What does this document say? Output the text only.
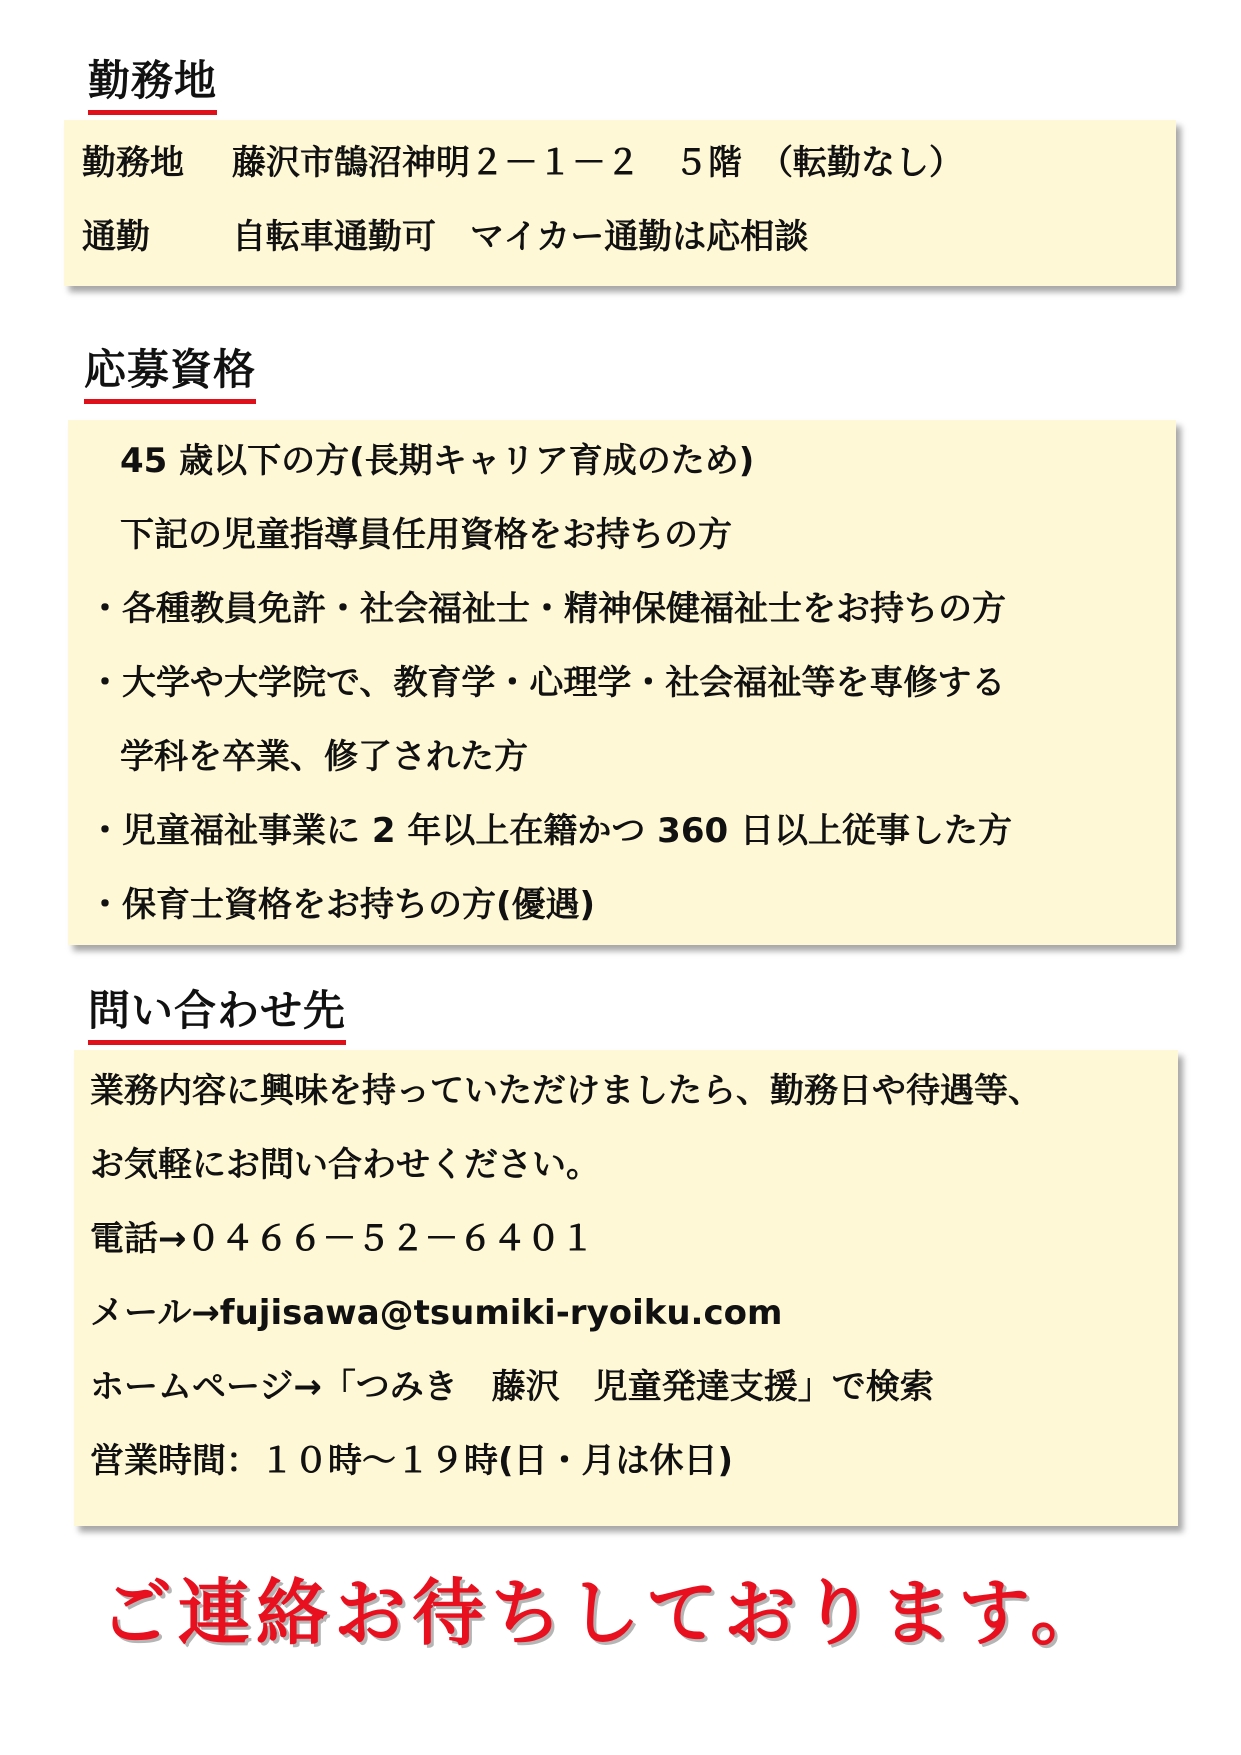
勤務地
勤務地 藤沢市鵠沼神明２－１－２　５階　（転勤なし）
通勤 自転車通勤可　マイカー通勤は応相談
応募資格
45 歳以下の方(長期キャリア育成のため)
下記の児童指導員任用資格をお持ちの方
・各種教員免許・社会福祉士・精神保健福祉士をお持ちの方
・大学や大学院で、教育学・心理学・社会福祉等を専修する
学科を卒業、修了された方
・児童福祉事業に 2 年以上在籍かつ 360 日以上従事した方
・保育士資格をお持ちの方(優遇)
問い合わせ先
業務内容に興味を持っていただけましたら、勤務日や待遇等、
お気軽にお問い合わせください。
電話→０４６６－５２－６４０１
メール→fujisawa@tsumiki-ryoiku.com
ホームページ→「つみき　藤沢　児童発達支援」で検索
営業時間：１０時～１９時(日・月は休日)
ご連絡お待ちしております。
